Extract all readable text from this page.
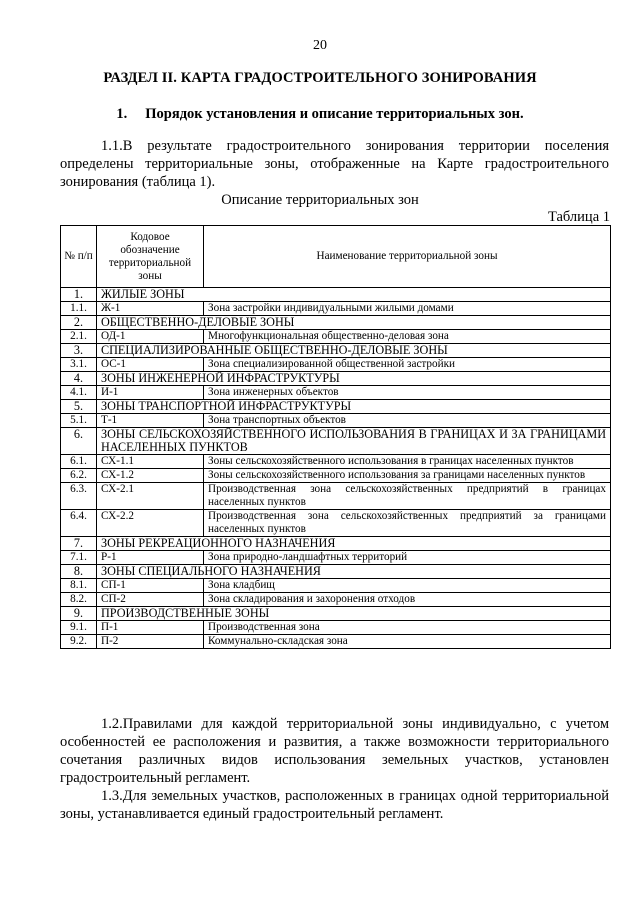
20
РАЗДЕЛ II. КАРТА ГРАДОСТРОИТЕЛЬНОГО ЗОНИРОВАНИЯ
1. Порядок установления и описание территориальных зон.
1.1.В результате градостроительного зонирования территории поселения определены территориальные зоны, отображенные на Карте градостроительного зонирования (таблица 1).
Описание территориальных зон
Таблица 1
№ п/п	Кодовое обозначение территориальной зоны	Наименование территориальной зоны
1.	ЖИЛЫЕ ЗОНЫ	
1.1.	Ж-1	Зона застройки индивидуальными жилыми домами
2.	ОБЩЕСТВЕННО-ДЕЛОВЫЕ ЗОНЫ	
2.1.	ОД-1	Многофункциональная общественно-деловая зона
3.	СПЕЦИАЛИЗИРОВАННЫЕ ОБЩЕСТВЕННО-ДЕЛОВЫЕ ЗОНЫ	
3.1.	ОС-1	Зона специализированной общественной застройки
4.	ЗОНЫ ИНЖЕНЕРНОЙ ИНФРАСТРУКТУРЫ	
4.1.	И-1	Зона инженерных объектов
5.	ЗОНЫ ТРАНСПОРТНОЙ ИНФРАСТРУКТУРЫ	
5.1.	Т-1	Зона транспортных объектов
6.	ЗОНЫ СЕЛЬСКОХОЗЯЙСТВЕННОГО ИСПОЛЬЗОВАНИЯ В ГРАНИЦАХ И ЗА ГРАНИЦАМИ НАСЕЛЕННЫХ ПУНКТОВ	
6.1.	СХ-1.1	Зоны сельскохозяйственного использования в границах населенных пунктов
6.2.	СХ-1.2	Зоны сельскохозяйственного использования за границами населенных пунктов
6.3.	СХ-2.1	Производственная зона сельскохозяйственных предприятий в границах населенных пунктов
6.4.	СХ-2.2	Производственная зона сельскохозяйственных предприятий за границами населенных пунктов
7.	ЗОНЫ РЕКРЕАЦИОННОГО НАЗНАЧЕНИЯ	
7.1.	Р-1	Зона природно-ландшафтных территорий
8.	ЗОНЫ СПЕЦИАЛЬНОГО НАЗНАЧЕНИЯ	
8.1.	СП-1	Зона кладбищ
8.2.	СП-2	Зона складирования и захоронения отходов
9.	ПРОИЗВОДСТВЕННЫЕ ЗОНЫ	
9.1.	П-1	Производственная зона
9.2.	П-2	Коммунально-складская зона
1.2.Правилами для каждой территориальной зоны индивидуально, с учетом особенностей ее расположения и развития, а также возможности территориального сочетания различных видов использования земельных участков, установлен градостроительный регламент.
1.3.Для земельных участков, расположенных в границах одной территориальной зоны, устанавливается единый градостроительный регламент.
